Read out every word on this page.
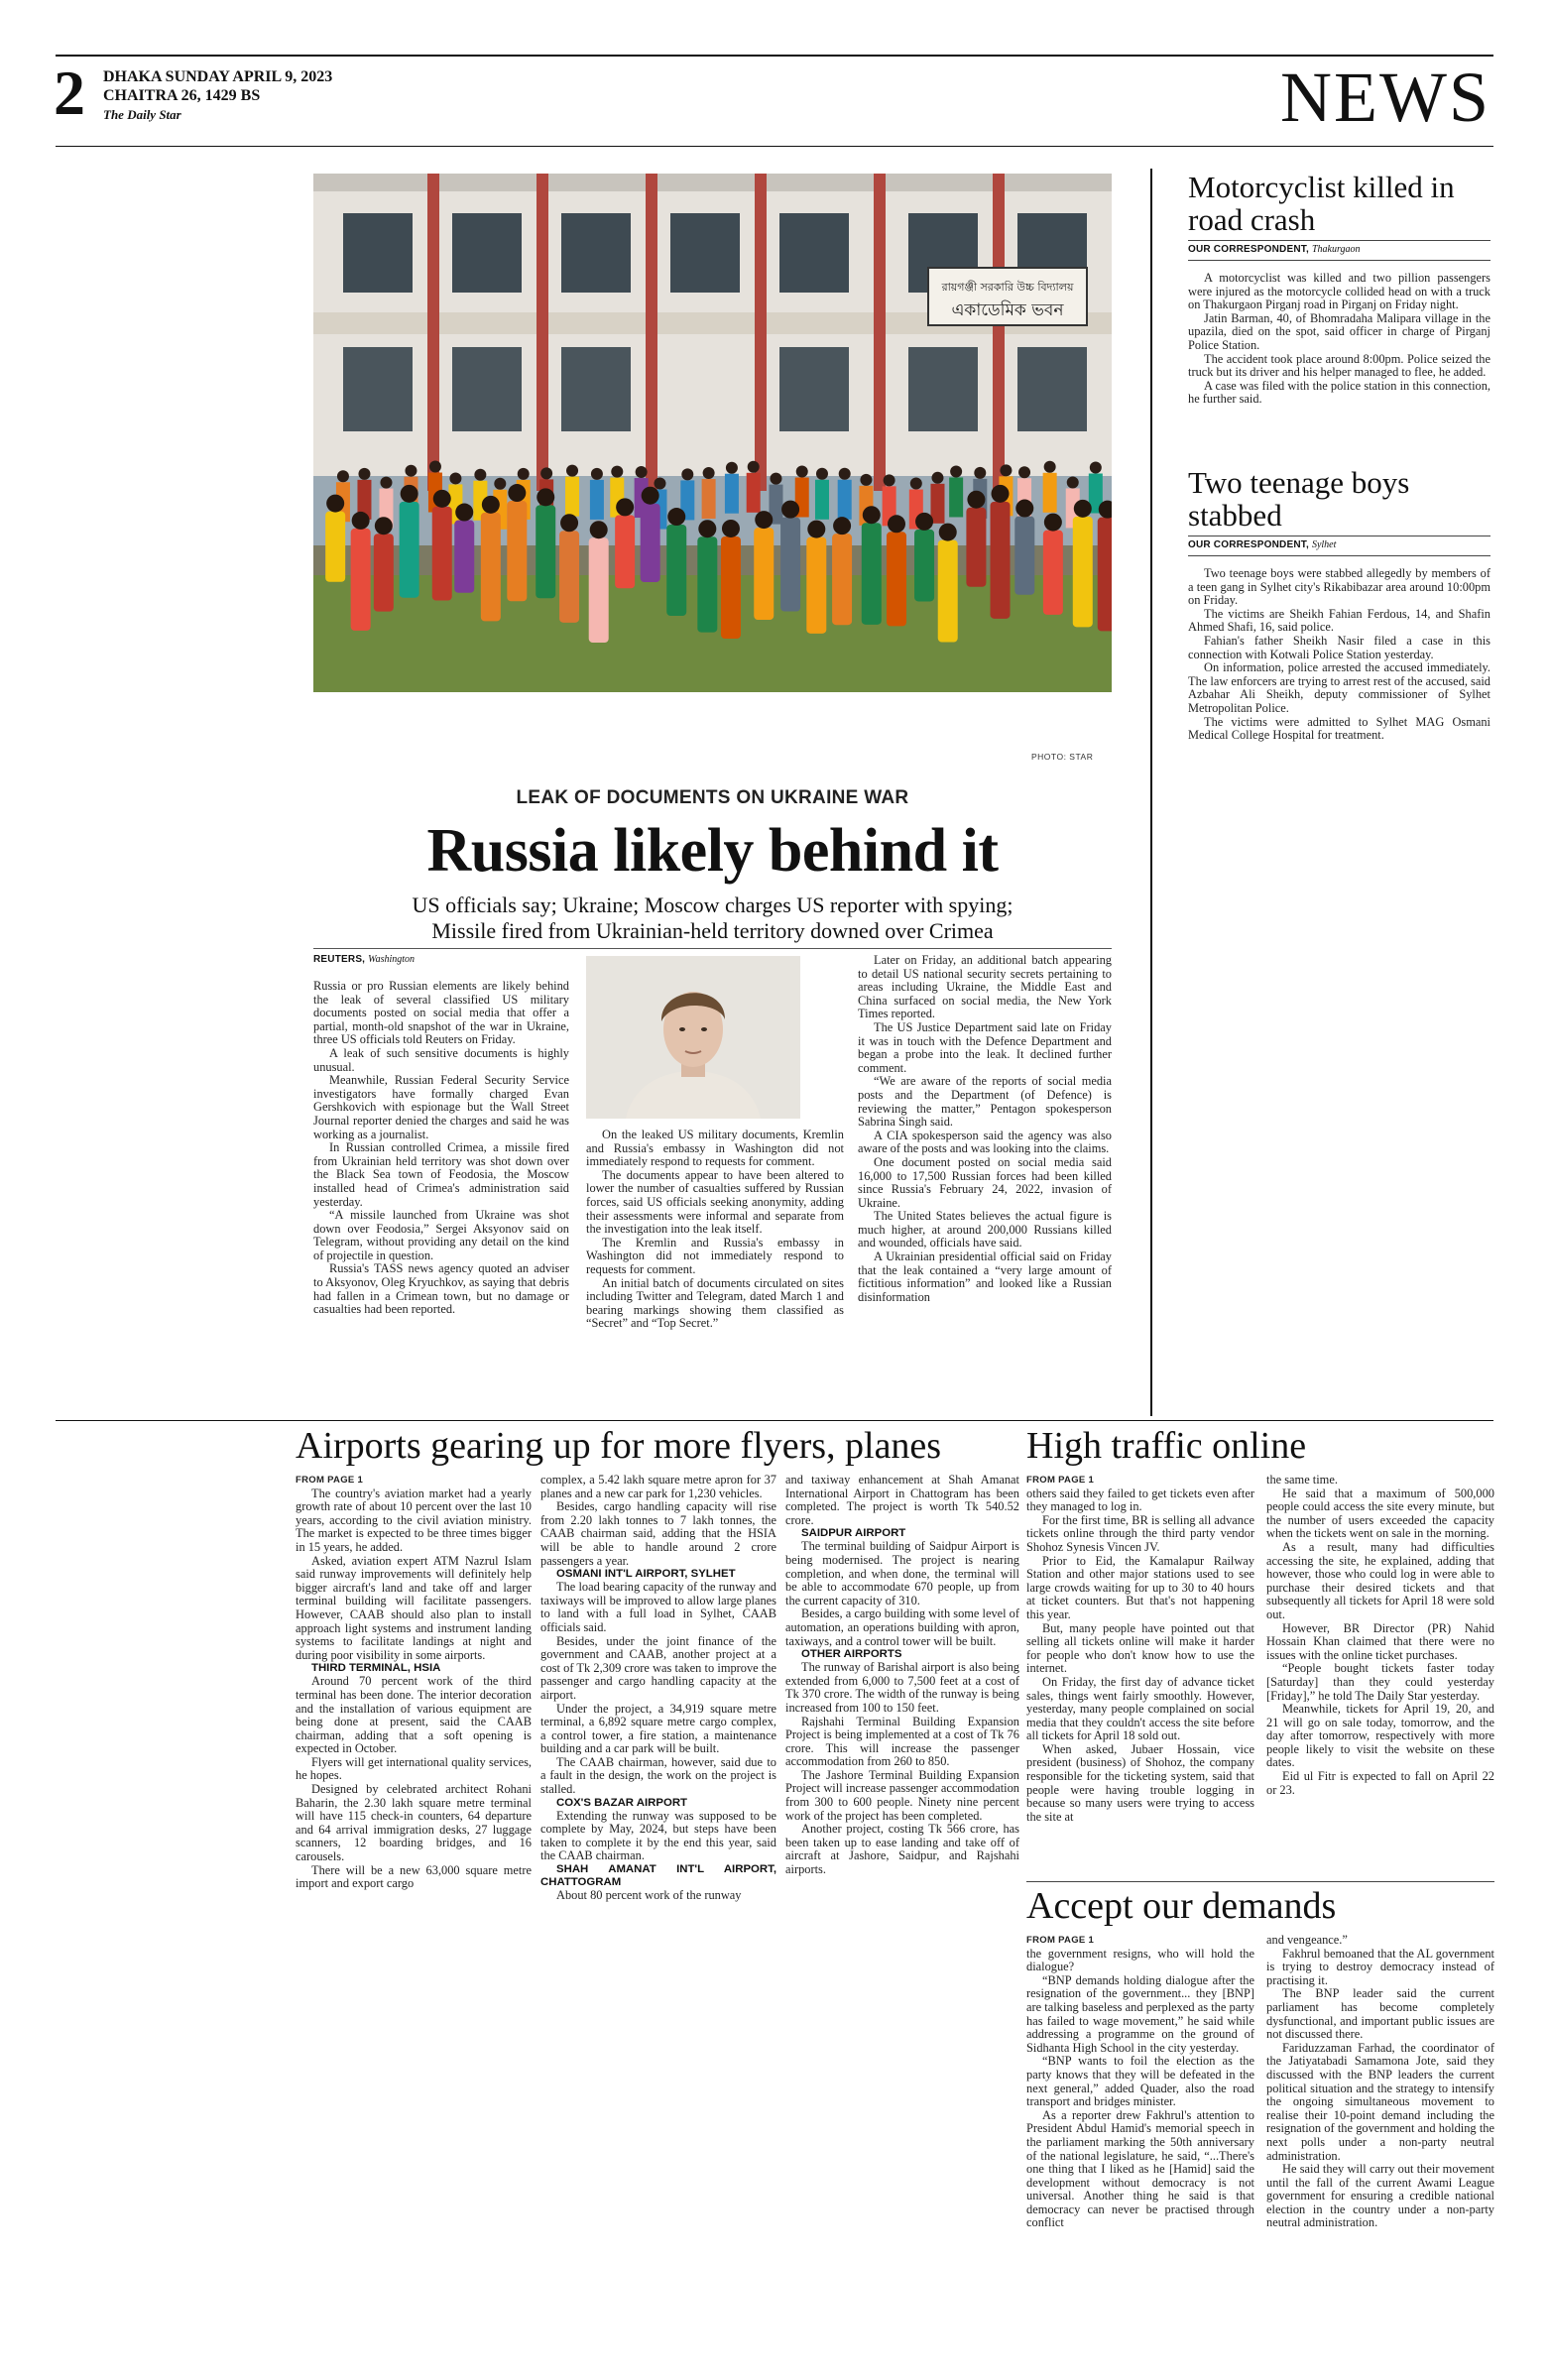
2 DHAKA SUNDAY APRIL 9, 2023
CHAITRA 26, 1429 BS
The Daily Star	NEWS
রায়গঞ্জী সরকারি উচ্চ বিদ্যালয়
একাডেমিক ভবন
PHOTO: STAR
LEAK OF DOCUMENTS ON UKRAINE WAR
Russia likely behind it
US officials say; Ukraine; Moscow charges US reporter with spying;
Missile fired from Ukrainian-held territory downed over Crimea
REUTERS, Washington

Russia or pro Russian elements are likely behind the leak of several classified US military documents posted on social media that offer a partial, month-old snapshot of the war in Ukraine, three US officials told Reuters on Friday.

A leak of such sensitive documents is highly unusual.

Meanwhile, Russian Federal Security Service investigators have formally charged Evan Gershkovich with espionage but the Wall Street Journal reporter denied the charges and said he was working as a journalist.

In Russian controlled Crimea, a missile fired from Ukrainian held territory was shot down over the Black Sea town of Feodosia, the Moscow installed head of Crimea's administration said yesterday.

“A missile launched from Ukraine was shot down over Feodosia,” Sergei Aksyonov said on Telegram, without providing any detail on the kind of projectile in question.

Russia's TASS news agency quoted an adviser to Aksyonov, Oleg Kryuchkov, as saying that debris had fallen in a Crimean town, but no damage or casualties had been reported.

On the leaked US military documents, Kremlin and Russia's embassy in Washington did not immediately respond to requests for comment.

The documents appear to have been altered to lower the number of casualties suffered by Russian forces, said US officials seeking anonymity, adding their assessments were informal and separate from the investigation into the leak itself.

The Kremlin and Russia's embassy in Washington did not immediately respond to requests for comment.

An initial batch of documents circulated on sites including Twitter and Telegram, dated March 1 and bearing markings showing them classified as “Secret” and “Top Secret.”

Later on Friday, an additional batch appearing to detail US national security secrets pertaining to areas including Ukraine, the Middle East and China surfaced on social media, the New York Times reported.

The US Justice Department said late on Friday it was in touch with the Defence Department and began a probe into the leak. It declined further comment.

“We are aware of the reports of social media posts and the Department (of Defence) is reviewing the matter,” Pentagon spokesperson Sabrina Singh said.

A CIA spokesperson said the agency was also aware of the posts and was looking into the claims.

One document posted on social media said 16,000 to 17,500 Russian forces had been killed since Russia's February 24, 2022, invasion of Ukraine.

The United States believes the actual figure is much higher, at around 200,000 Russians killed and wounded, officials have said.

A Ukrainian presidential official said on Friday that the leak contained a “very large amount of fictitious information” and looked like a Russian disinformation

Motorcyclist killed in road crash
OUR CORRESPONDENT, Thakurgaon

A motorcyclist was killed and two pillion passengers were injured as the motorcycle collided head on with a truck on Thakurgaon Pirganj road in Pirganj on Friday night.

Jatin Barman, 40, of Bhomradaha Malipara village in the upazila, died on the spot, said officer in charge of Pirganj Police Station.

The accident took place around 8:00pm. Police seized the truck but its driver and his helper managed to flee, he added.

A case was filed with the police station in this connection, he further said.

Two teenage boys stabbed
OUR CORRESPONDENT, Sylhet

Two teenage boys were stabbed allegedly by members of a teen gang in Sylhet city's Rikabibazar area around 10:00pm on Friday.

The victims are Sheikh Fahian Ferdous, 14, and Shafin Ahmed Shafi, 16, said police.

Fahian's father Sheikh Nasir filed a case in this connection with Kotwali Police Station yesterday.

On information, police arrested the accused immediately. The law enforcers are trying to arrest rest of the accused, said Azbahar Ali Sheikh, deputy commissioner of Sylhet Metropolitan Police.

The victims were admitted to Sylhet MAG Osmani Medical College Hospital for treatment.

Airports gearing up for more flyers, planes
FROM PAGE 1

The country's aviation market had a yearly growth rate of about 10 percent over the last 10 years, according to the civil aviation ministry. The market is expected to be three times bigger in 15 years, he added.

Asked, aviation expert ATM Nazrul Islam said runway improvements will definitely help bigger aircraft's land and take off and larger terminal building will facilitate passengers. However, CAAB should also plan to install approach light systems and instrument landing systems to facilitate landings at night and during poor visibility in some airports.

THIRD TERMINAL, HSIA

Around 70 percent work of the third terminal has been done. The interior decoration and the installation of various equipment are being done at present, said the CAAB chairman, adding that a soft opening is expected in October.

Flyers will get international quality services, he hopes.

Designed by celebrated architect Rohani Baharin, the 2.30 lakh square metre terminal will have 115 check-in counters, 64 departure and 64 arrival immigration desks, 27 luggage scanners, 12 boarding bridges, and 16 carousels.

There will be a new 63,000 square metre import and export cargo

complex, a 5.42 lakh square metre apron for 37 planes and a new car park for 1,230 vehicles.

Besides, cargo handling capacity will rise from 2.20 lakh tonnes to 7 lakh tonnes, the CAAB chairman said, adding that the HSIA will be able to handle around 2 crore passengers a year.

OSMANI INT'L AIRPORT, SYLHET

The load bearing capacity of the runway and taxiways will be improved to allow large planes to land with a full load in Sylhet, CAAB officials said.

Besides, under the joint finance of the government and CAAB, another project at a cost of Tk 2,309 crore was taken to improve the passenger and cargo handling capacity at the airport.

Under the project, a 34,919 square metre terminal, a 6,892 square metre cargo complex, a control tower, a fire station, a maintenance building and a car park will be built.

The CAAB chairman, however, said due to a fault in the design, the work on the project is stalled.

COX'S BAZAR AIRPORT

Extending the runway was supposed to be complete by May, 2024, but steps have been taken to complete it by the end this year, said the CAAB chairman.

SHAH AMANAT INT'L AIRPORT, CHATTOGRAM

About 80 percent work of the runway

and taxiway enhancement at Shah Amanat International Airport in Chattogram has been completed. The project is worth Tk 540.52 crore.

SAIDPUR AIRPORT

The terminal building of Saidpur Airport is being modernised. The project is nearing completion, and when done, the terminal will be able to accommodate 670 people, up from the current capacity of 310.

Besides, a cargo building with some level of automation, an operations building with apron, taxiways, and a control tower will be built.

OTHER AIRPORTS

The runway of Barishal airport is also being extended from 6,000 to 7,500 feet at a cost of Tk 370 crore. The width of the runway is being increased from 100 to 150 feet.

Rajshahi Terminal Building Expansion Project is being implemented at a cost of Tk 76 crore. This will increase the passenger accommodation from 260 to 850.

The Jashore Terminal Building Expansion Project will increase passenger accommodation from 300 to 600 people. Ninety nine percent work of the project has been completed.

Another project, costing Tk 566 crore, has been taken up to ease landing and take off of aircraft at Jashore, Saidpur, and Rajshahi airports.

High traffic online
FROM PAGE 1

others said they failed to get tickets even after they managed to log in.

For the first time, BR is selling all advance tickets online through the third party vendor Shohoz Synesis Vincen JV.

Prior to Eid, the Kamalapur Railway Station and other major stations used to see large crowds waiting for up to 30 to 40 hours at ticket counters. But that's not happening this year.

But, many people have pointed out that selling all tickets online will make it harder for people who don't know how to use the internet.

On Friday, the first day of advance ticket sales, things went fairly smoothly. However, yesterday, many people complained on social media that they couldn't access the site before all tickets for April 18 sold out.

When asked, Jubaer Hossain, vice president (business) of Shohoz, the company responsible for the ticketing system, said that people were having trouble logging in because so many users were trying to access the site at

the same time.

He said that a maximum of 500,000 people could access the site every minute, but the number of users exceeded the capacity when the tickets went on sale in the morning.

As a result, many had difficulties accessing the site, he explained, adding that however, those who could log in were able to purchase their desired tickets and that subsequently all tickets for April 18 were sold out.

However, BR Director (PR) Nahid Hossain Khan claimed that there were no issues with the online ticket purchases.

“People bought tickets faster today [Saturday] than they could yesterday [Friday],” he told The Daily Star yesterday.

Meanwhile, tickets for April 19, 20, and 21 will go on sale today, tomorrow, and the day after tomorrow, respectively with more people likely to visit the website on these dates.

Eid ul Fitr is expected to fall on April 22 or 23.

Accept our demands
FROM PAGE 1

the government resigns, who will hold the dialogue?

“BNP demands holding dialogue after the resignation of the government... they [BNP] are talking baseless and perplexed as the party has failed to wage movement,” he said while addressing a programme on the ground of Sidhanta High School in the city yesterday.

“BNP wants to foil the election as the party knows that they will be defeated in the next general,” added Quader, also the road transport and bridges minister.

As a reporter drew Fakhrul's attention to President Abdul Hamid's memorial speech in the parliament marking the 50th anniversary of the national legislature, he said, “...There's one thing that I liked as he [Hamid] said the development without democracy is not universal. Another thing he said is that democracy can never be practised through conflict

and vengeance.”

Fakhrul bemoaned that the AL government is trying to destroy democracy instead of practising it.

The BNP leader said the current parliament has become completely dysfunctional, and important public issues are not discussed there.

Fariduzzaman Farhad, the coordinator of the Jatiyatabadi Samamona Jote, said they discussed with the BNP leaders the current political situation and the strategy to intensify the ongoing simultaneous movement to realise their 10-point demand including the resignation of the government and holding the next polls under a non-party neutral administration.

He said they will carry out their movement until the fall of the current Awami League government for ensuring a credible national election in the country under a non-party neutral administration.
